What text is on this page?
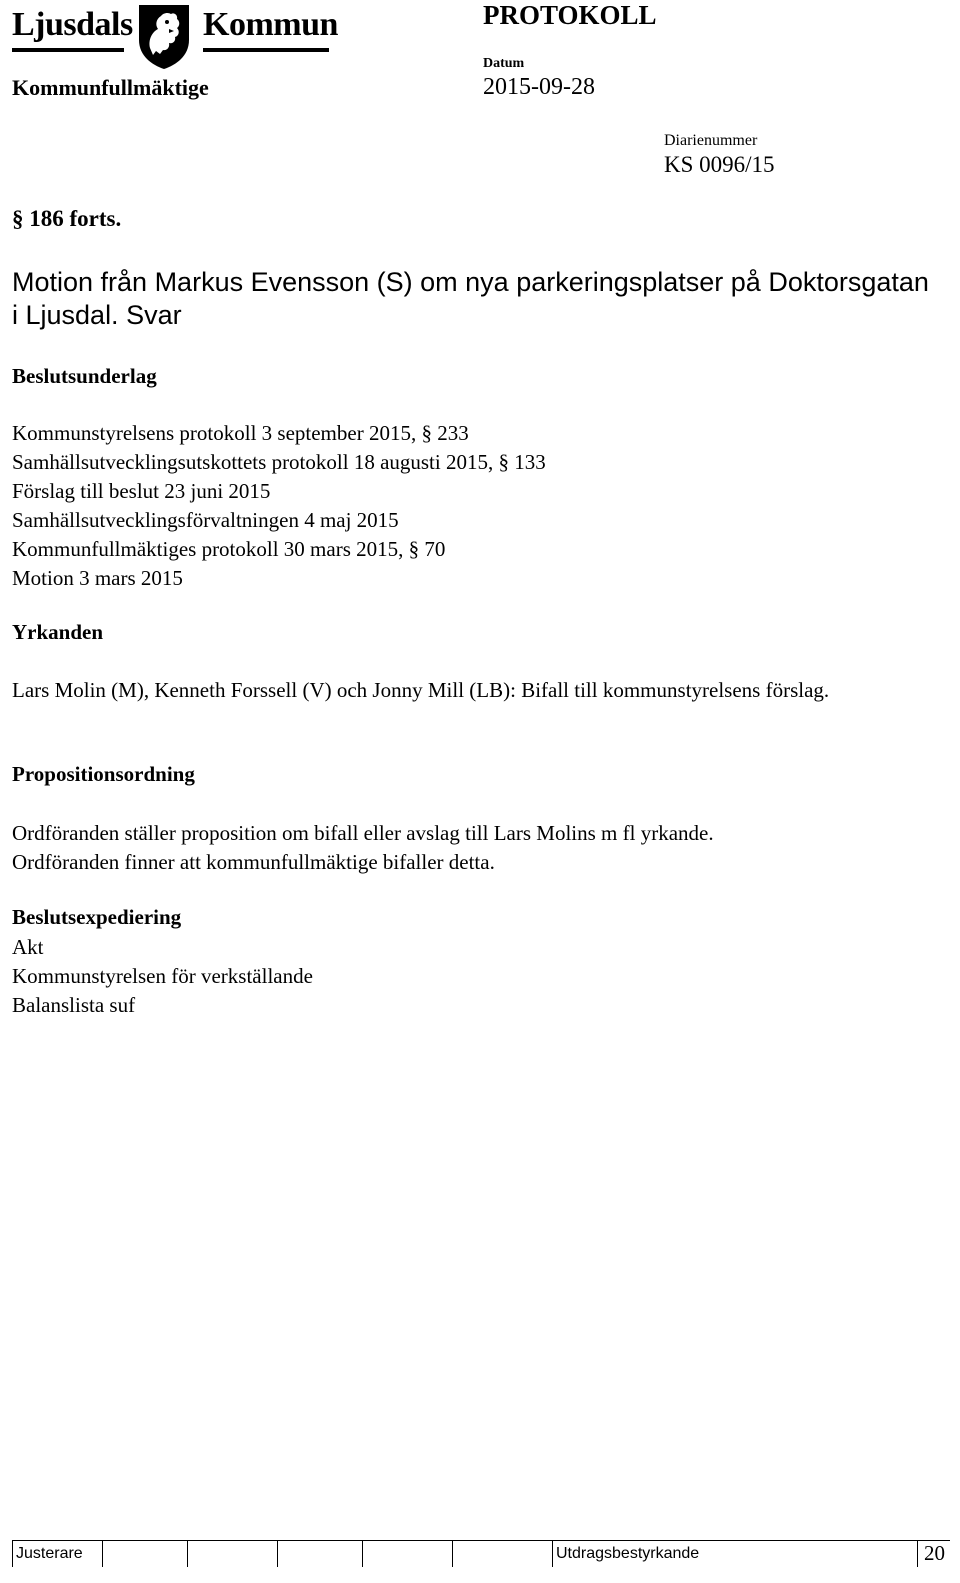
Ljusdals Kommun	PROTOKOLL
Kommunfullmäktige
Datum
2015-09-28
Diarienummer
KS 0096/15
§ 186 forts.
Motion från Markus Evensson (S) om nya parkeringsplatser på Doktorsgatan i Ljusdal. Svar
Beslutsunderlag
Kommunstyrelsens protokoll 3 september 2015, § 233
Samhällsutvecklingsutskottets protokoll 18 augusti 2015, § 133
Förslag till beslut 23 juni 2015
Samhällsutvecklingsförvaltningen 4 maj 2015
Kommunfullmäktiges protokoll 30 mars 2015, § 70
Motion 3 mars 2015
Yrkanden
Lars Molin (M), Kenneth Forssell (V) och Jonny Mill (LB): Bifall till kommunstyrelsens förslag.
Propositionsordning
Ordföranden ställer proposition om bifall eller avslag till Lars Molins m fl yrkande.
Ordföranden finner att kommunfullmäktige bifaller detta.
Beslutsexpediering
Akt
Kommunstyrelsen för verkställande
Balanslista suf
Justerare	Utdragsbestyrkande	20
